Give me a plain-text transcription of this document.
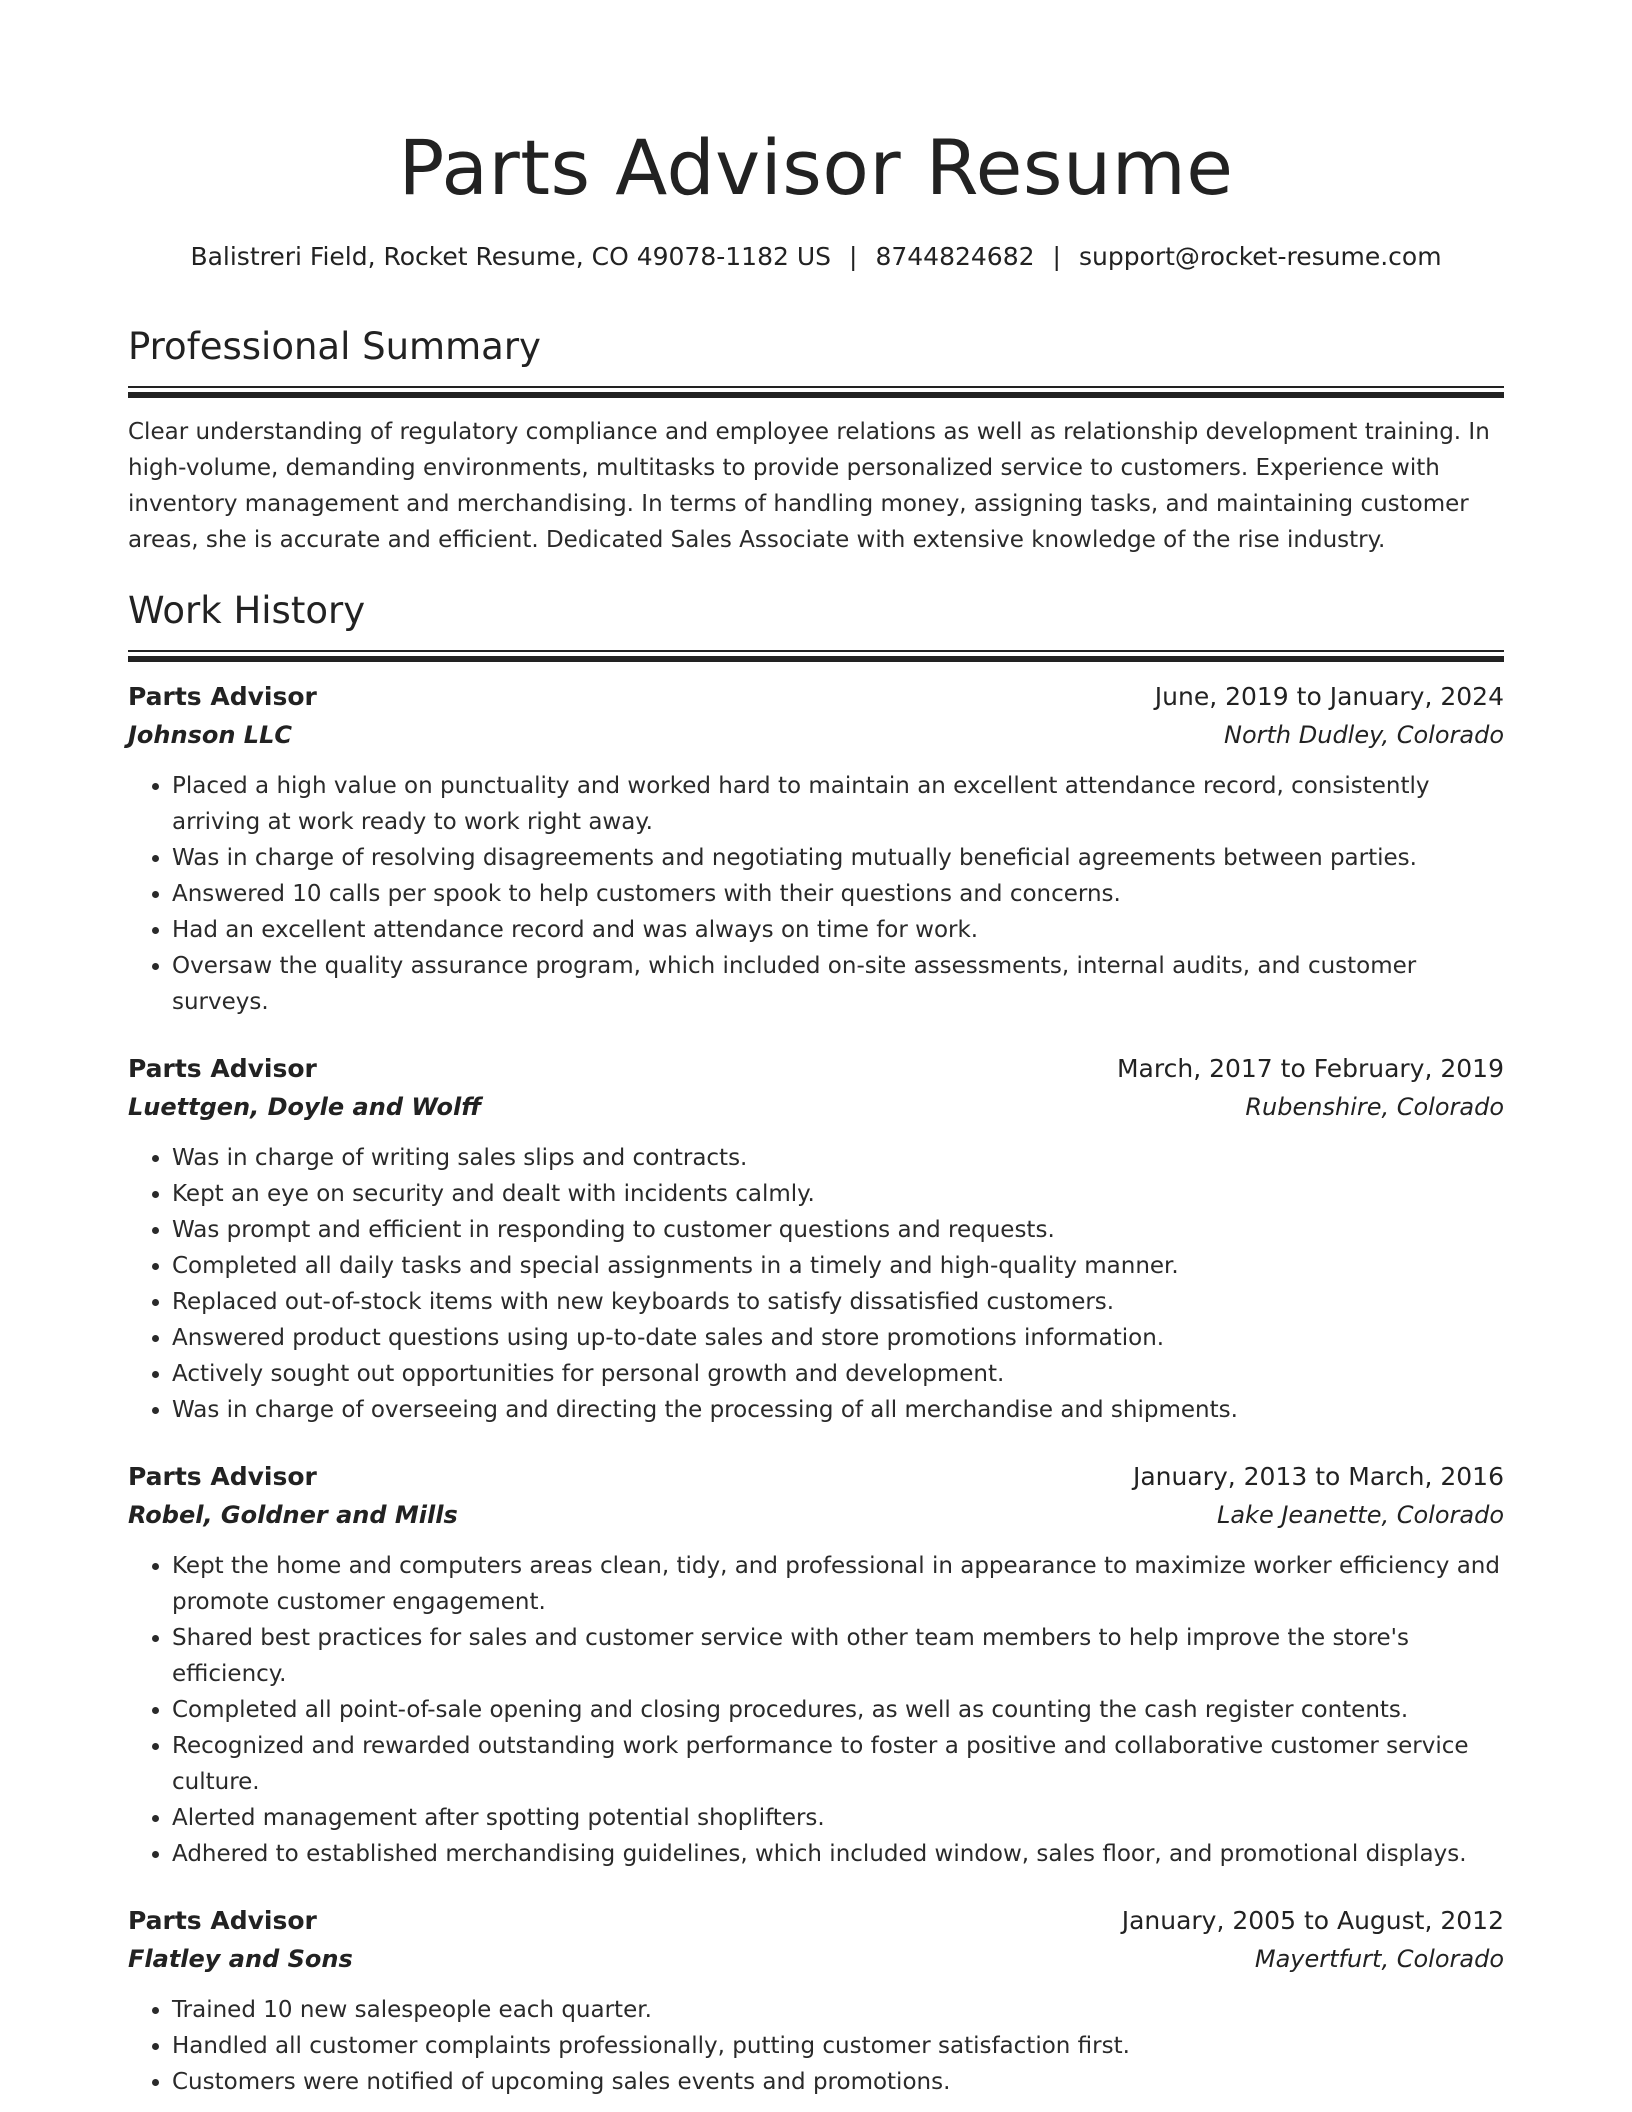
Parts Advisor Resume
Balistreri Field, Rocket Resume, CO 49078-1182 US | 8744824682 | support@rocket-resume.com
Professional Summary

Clear understanding of regulatory compliance and employee relations as well as relationship development training. In high-volume, demanding environments, multitasks to provide personalized service to customers. Experience with inventory management and merchandising. In terms of handling money, assigning tasks, and maintaining customer areas, she is accurate and efficient. Dedicated Sales Associate with extensive knowledge of the rise industry.

Work History
Parts Advisor	June, 2019 to January, 2024
Johnson LLC	North Dudley, Colorado
• Placed a high value on punctuality and worked hard to maintain an excellent attendance record, consistently arriving at work ready to work right away.
• Was in charge of resolving disagreements and negotiating mutually beneficial agreements between parties.
• Answered 10 calls per spook to help customers with their questions and concerns.
• Had an excellent attendance record and was always on time for work.
• Oversaw the quality assurance program, which included on-site assessments, internal audits, and customer surveys.
Parts Advisor	March, 2017 to February, 2019
Luettgen, Doyle and Wolff	Rubenshire, Colorado
• Was in charge of writing sales slips and contracts.
• Kept an eye on security and dealt with incidents calmly.
• Was prompt and efficient in responding to customer questions and requests.
• Completed all daily tasks and special assignments in a timely and high-quality manner.
• Replaced out-of-stock items with new keyboards to satisfy dissatisfied customers.
• Answered product questions using up-to-date sales and store promotions information.
• Actively sought out opportunities for personal growth and development.
• Was in charge of overseeing and directing the processing of all merchandise and shipments.
Parts Advisor	January, 2013 to March, 2016
Robel, Goldner and Mills	Lake Jeanette, Colorado
• Kept the home and computers areas clean, tidy, and professional in appearance to maximize worker efficiency and promote customer engagement.
• Shared best practices for sales and customer service with other team members to help improve the store's efficiency.
• Completed all point-of-sale opening and closing procedures, as well as counting the cash register contents.
• Recognized and rewarded outstanding work performance to foster a positive and collaborative customer service culture.
• Alerted management after spotting potential shoplifters.
• Adhered to established merchandising guidelines, which included window, sales floor, and promotional displays.
Parts Advisor	January, 2005 to August, 2012
Flatley and Sons	Mayertfurt, Colorado
• Trained 10 new salespeople each quarter.
• Handled all customer complaints professionally, putting customer satisfaction first.
• Customers were notified of upcoming sales events and promotions.
